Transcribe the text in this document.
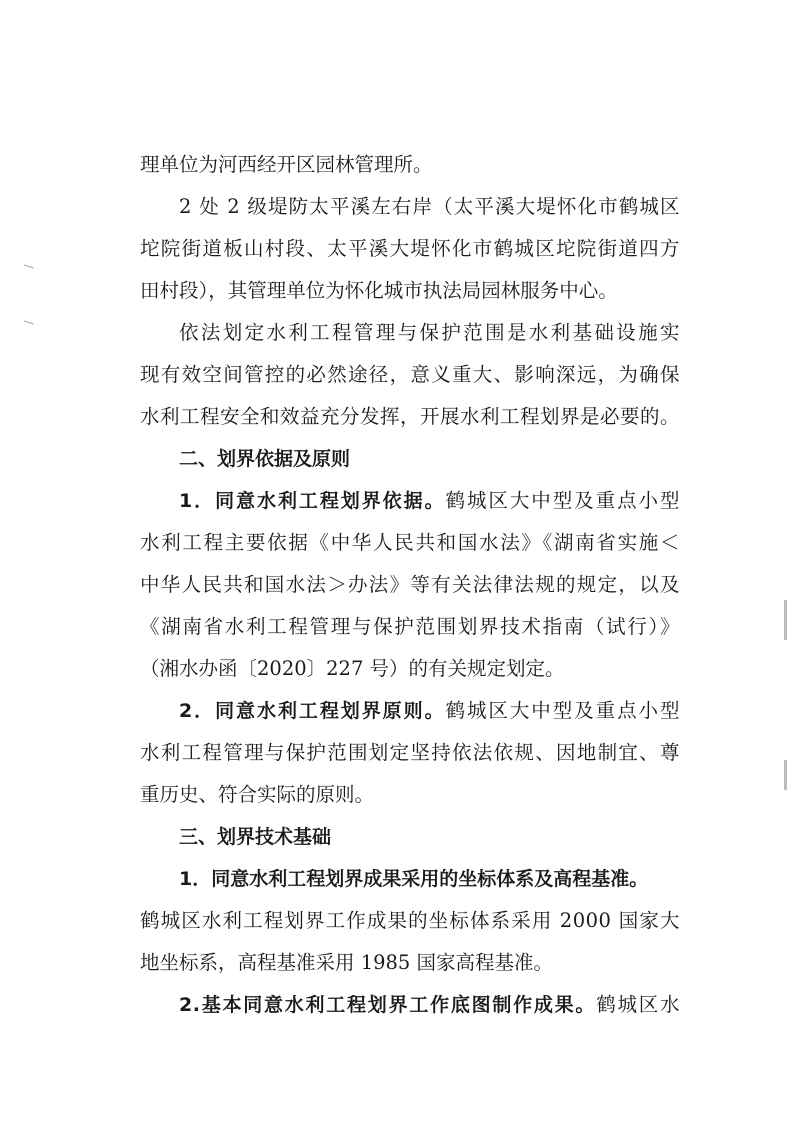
理单位为河西经开区园林管理所。
2 处 2 级堤防太平溪左右岸（太平溪大堤怀化市鹤城区
坨院街道板山村段、太平溪大堤怀化市鹤城区坨院街道四方
田村段），其管理单位为怀化城市执法局园林服务中心。
依法划定水利工程管理与保护范围是水利基础设施实
现有效空间管控的必然途径，意义重大、影响深远，为确保
水利工程安全和效益充分发挥，开展水利工程划界是必要的。
二、划界依据及原则
1．同意水利工程划界依据。鹤城区大中型及重点小型
水利工程主要依据《中华人民共和国水法》《湖南省实施＜
中华人民共和国水法＞办法》等有关法律法规的规定，以及
《湖南省水利工程管理与保护范围划界技术指南（试行）》
（湘水办函〔2020〕227 号）的有关规定划定。
2．同意水利工程划界原则。鹤城区大中型及重点小型
水利工程管理与保护范围划定坚持依法依规、因地制宜、尊
重历史、符合实际的原则。
三、划界技术基础
1．同意水利工程划界成果采用的坐标体系及高程基准。
鹤城区水利工程划界工作成果的坐标体系采用 2000 国家大
地坐标系，高程基准采用 1985 国家高程基准。
2.基本同意水利工程划界工作底图制作成果。鹤城区水
